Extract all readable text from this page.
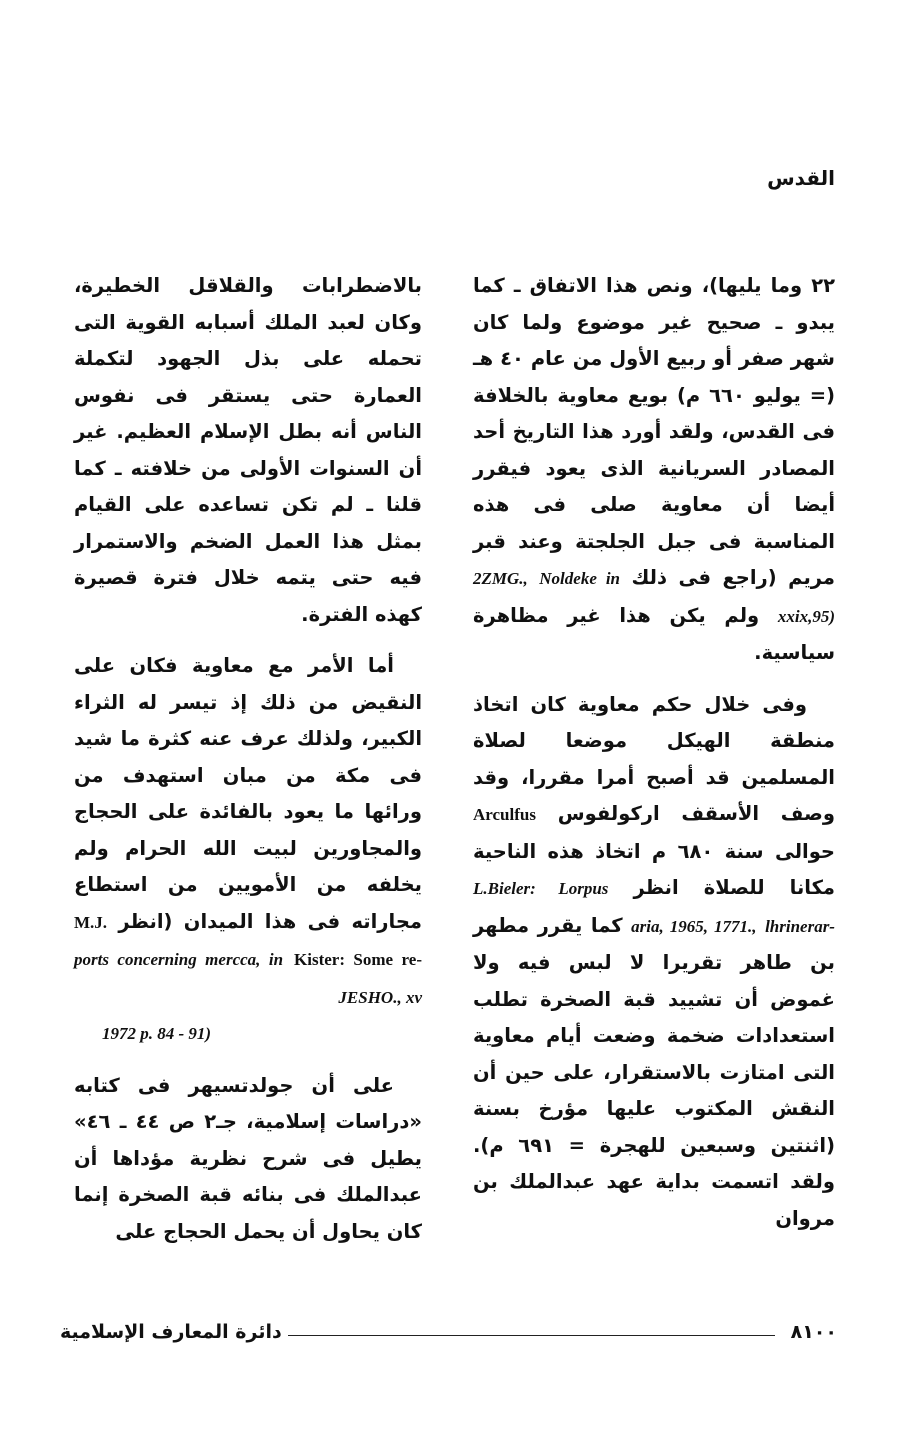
القدس

٢٢ وما يليها)، ونص هذا الاتفاق ـ كما يبدو ـ صحيح غير موضوع ولما كان شهر صفر أو ربيع الأول من عام ٤٠ هـ (= يوليو ٦٦٠ م) بويع معاوية بالخلافة فى القدس، ولقد أورد هذا التاريخ أحد المصادر السريانية الذى يعود فيقرر أيضا أن معاوية صلى فى هذه المناسبة فى جبل الجلجتة وعند قبر مريم (راجع فى ذلك Noldeke in 2ZMG., xxix,95) ولم يكن هذا غير مظاهرة سياسية.

وفى خلال حكم معاوية كان اتخاذ منطقة الهيكل موضعا لصلاة المسلمين قد أصبح أمرا مقررا، وقد وصف الأسقف اركولفوس Arculfus حوالى سنة ٦٨٠ م اتخاذ هذه الناحية مكانا للصلاة انظر L.Bieler: Lorpus lhrinerar- aria, 1965, 1771., كما يقرر مطهر بن طاهر تقريرا لا لبس فيه ولا غموض أن تشييد قبة الصخرة تطلب استعدادات ضخمة وضعت أيام معاوية التى امتازت بالاستقرار، على حين أن النقش المكتوب عليها مؤرخ بسنة (اثنتين وسبعين للهجرة = ٦٩١ م). ولقد اتسمت بداية عهد عبدالملك بن مروان

بالاضطرابات والقلاقل الخطيرة، وكان لعبد الملك أسبابه القوية التى تحمله على بذل الجهود لتكملة العمارة حتى يستقر فى نفوس الناس أنه بطل الإسلام العظيم. غير أن السنوات الأولى من خلافته ـ كما قلنا ـ لم تكن تساعده على القيام بمثل هذا العمل الضخم والاستمرار فيه حتى يتمه خلال فترة قصيرة كهذه الفترة.

أما الأمر مع معاوية فكان على النقيض من ذلك إذ تيسر له الثراء الكبير، ولذلك عرف عنه كثرة ما شيد فى مكة من مبان استهدف من ورائها ما يعود بالفائدة على الحجاج والمجاورين لبيت الله الحرام ولم يخلفه من الأمويين من استطاع مجاراته فى هذا الميدان (انظر M.J. Kister: Some re- ports concerning mercca, in JESHO., xv
1972 p. 84 - 91)

على أن جولدتسيهر فى كتابه «دراسات إسلامية، جـ٢ ص ٤٤ ـ ٤٦» يطيل فى شرح نظرية مؤداها أن عبدالملك فى بنائه قبة الصخرة إنما كان يحاول أن يحمل الحجاج على

دائرة المعارف الإسلامية	٨١٠٠
